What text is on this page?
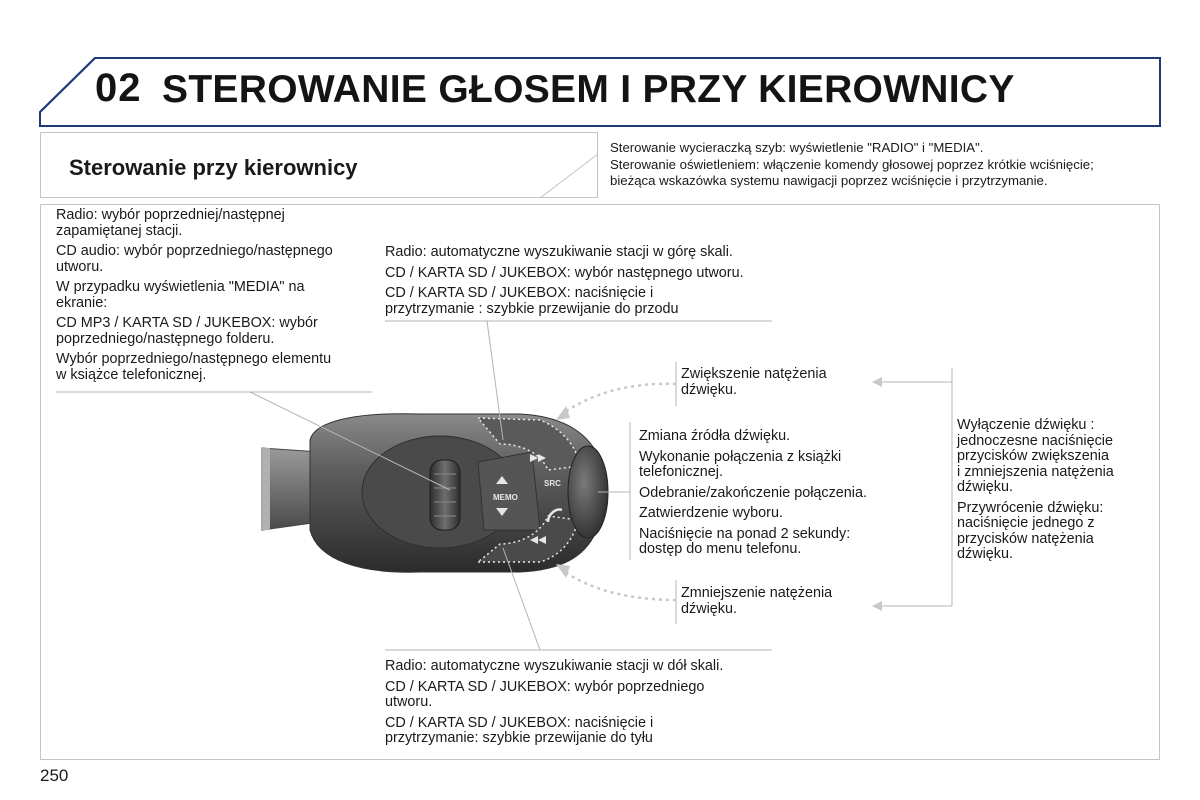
02 STEROWANIE GŁOSEM I PRZY KIEROWNICY
Sterowanie przy kierownicy

Sterowanie wycieraczką szyb: wyświetlenie "RADIO" i "MEDIA".

Sterowanie oświetleniem: włączenie komendy głosowej poprzez krótkie wciśnięcie;

bieżąca wskazówka systemu nawigacji poprzez wciśnięcie i przytrzymanie.

MEMO
SRC

Radio: wybór poprzedniej/następnej
zapamiętanej stacji.

CD audio: wybór poprzedniego/następnego
utworu.

W przypadku wyświetlenia "MEDIA" na
ekranie:

CD MP3 / KARTA SD / JUKEBOX: wybór
poprzedniego/następnego folderu.

Wybór poprzedniego/następnego elementu
w książce telefonicznej.

Radio: automatyczne wyszukiwanie stacji w górę skali.

CD / KARTA SD / JUKEBOX: wybór następnego utworu.

CD / KARTA SD / JUKEBOX: naciśnięcie i
przytrzymanie : szybkie przewijanie do przodu

Zwiększenie natężenia
dźwięku.

Zmiana źródła dźwięku.

Wykonanie połączenia z książki
telefonicznej.

Odebranie/zakończenie połączenia.

Zatwierdzenie wyboru.

Naciśnięcie na ponad 2 sekundy:
dostęp do menu telefonu.

Zmniejszenie natężenia
dźwięku.

Wyłączenie dźwięku :
jednoczesne naciśnięcie
przycisków zwiększenia
i zmniejszenia natężenia
dźwięku.

Przywrócenie dźwięku:
naciśnięcie jednego z
przycisków natężenia
dźwięku.

Radio: automatyczne wyszukiwanie stacji w dół skali.

CD / KARTA SD / JUKEBOX: wybór poprzedniego
utworu.

CD / KARTA SD / JUKEBOX: naciśnięcie i
przytrzymanie: szybkie przewijanie do tyłu

250
